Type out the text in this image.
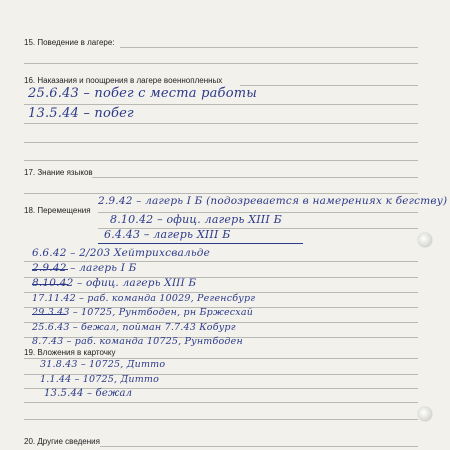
15. Поведение в лагере:
16. Наказания и поощрения в лагере военнопленных
25.6.43 – побег с места работы
13.5.44 – побег
17. Знание языков
18. Перемещения
2.9.42 – лагерь I Б (подозревается в намерениях к бегству)
8.10.42 – офиц. лагерь XIII Б
6.4.43 – лагерь XIII Б
6.6.42 – 2/203 Хейтрихсвальде
2.9.42 – лагерь I Б
8.10.42 – офиц. лагерь XIII Б
17.11.42 – раб. команда 10029, Регенсбург
29.3.43 – 10725, Рунтбоден, рн Бржесхай
25.6.43 – бежал, пойман 7.7.43 Кобург
8.7.43 – раб. команда 10725, Рунтбоден
19. Вложения в карточку
31.8.43 – 10725, Дитто
1.1.44 – 10725, Дитто
13.5.44 – бежал
20. Другие сведения
